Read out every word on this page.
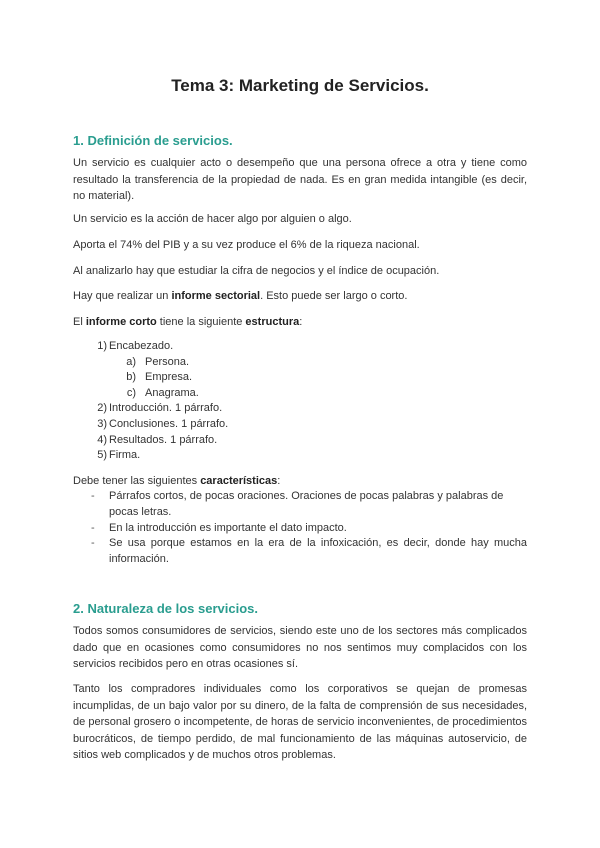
Tema 3: Marketing de Servicios.
1. Definición de servicios.

Un servicio es cualquier acto o desempeño que una persona ofrece a otra y tiene como resultado la transferencia de la propiedad de nada. Es en gran medida intangible (es decir, no material).

Un servicio es la acción de hacer algo por alguien o algo.

Aporta el 74% del PIB y a su vez produce el 6% de la riqueza nacional.

Al analizarlo hay que estudiar la cifra de negocios y el índice de ocupación.

Hay que realizar un informe sectorial. Esto puede ser largo o corto.

El informe corto tiene la siguiente estructura:

1) Encabezado.
a) Persona.
b) Empresa.
c) Anagrama.
2) Introducción. 1 párrafo.
3) Conclusiones. 1 párrafo.
4) Resultados. 1 párrafo.
5) Firma.

Debe tener las siguientes características:

- Párrafos cortos, de pocas oraciones. Oraciones de pocas palabras y palabras de pocas letras.
- En la introducción es importante el dato impacto.
- Se usa porque estamos en la era de la infoxicación, es decir, donde hay mucha información.
2. Naturaleza de los servicios.

Todos somos consumidores de servicios, siendo este uno de los sectores más complicados dado que en ocasiones como consumidores no nos sentimos muy complacidos con los servicios recibidos pero en otras ocasiones sí.

Tanto los compradores individuales como los corporativos se quejan de promesas incumplidas, de un bajo valor por su dinero, de la falta de comprensión de sus necesidades, de personal grosero o incompetente, de horas de servicio inconvenientes, de procedimientos burocráticos, de tiempo perdido, de mal funcionamiento de las máquinas autoservicio, de sitios web complicados y de muchos otros problemas.
